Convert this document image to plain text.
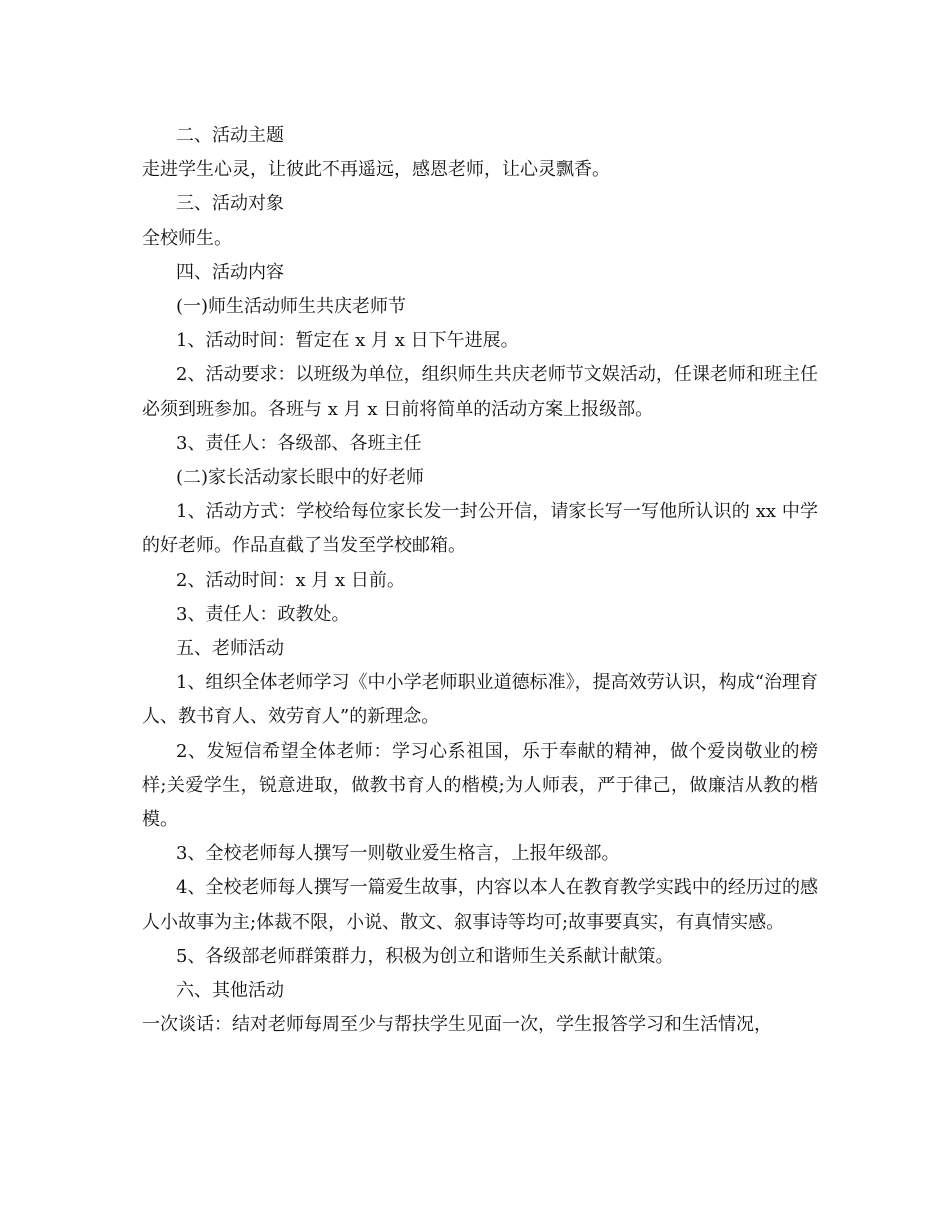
二、活动主题

走进学生心灵，让彼此不再遥远，感恩老师，让心灵飘香。

三、活动对象

全校师生。

四、活动内容

(一)师生活动师生共庆老师节

1、活动时间：暂定在 x 月 x 日下午进展。

2、活动要求：以班级为单位，组织师生共庆老师节文娱活动，任课老师和班主任必须到班参加。各班与 x 月 x 日前将简单的活动方案上报级部。

3、责任人：各级部、各班主任

(二)家长活动家长眼中的好老师

1、活动方式：学校给每位家长发一封公开信，请家长写一写他所认识的 xx 中学的好老师。作品直截了当发至学校邮箱。

2、活动时间：x 月 x 日前。

3、责任人：政教处。

五、老师活动

1、组织全体老师学习《中小学老师职业道德标准》，提高效劳认识，构成“治理育人、教书育人、效劳育人”的新理念。

2、发短信希望全体老师：学习心系祖国，乐于奉献的精神，做个爱岗敬业的榜样;关爱学生，锐意进取，做教书育人的楷模;为人师表，严于律己，做廉洁从教的楷模。

3、全校老师每人撰写一则敬业爱生格言，上报年级部。

4、全校老师每人撰写一篇爱生故事，内容以本人在教育教学实践中的经历过的感人小故事为主;体裁不限，小说、散文、叙事诗等均可;故事要真实，有真情实感。

5、各级部老师群策群力，积极为创立和谐师生关系献计献策。

六、其他活动

一次谈话：结对老师每周至少与帮扶学生见面一次，学生报答学习和生活情况，
